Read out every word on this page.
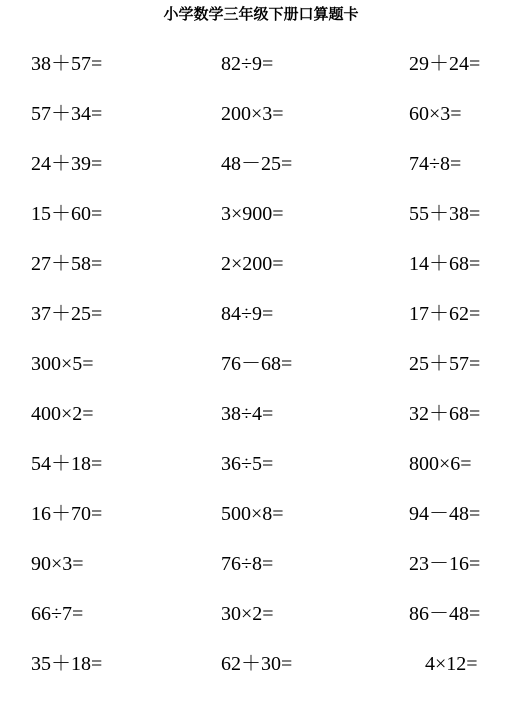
小学数学三年级下册口算题卡
38＋57=	82÷9=	29＋24=
57＋34=	200×3=	60×3=
24＋39=	48－25=	74÷8=
15＋60=	3×900=	55＋38=
27＋58=	2×200=	14＋68=
37＋25=	84÷9=	17＋62=
300×5=	76－68=	25＋57=
400×2=	38÷4=	32＋68=
54＋18=	36÷5=	800×6=
16＋70=	500×8=	94－48=
90×3=	76÷8=	23－16=
66÷7=	30×2=	86－48=
35＋18=	62＋30=	4×12=
